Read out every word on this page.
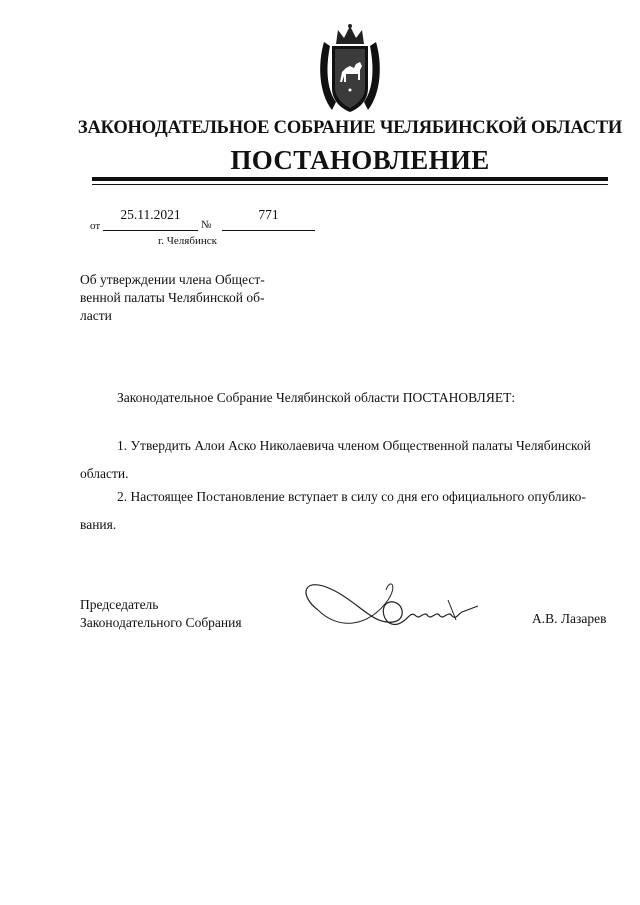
ЗАКОНОДАТЕЛЬНОЕ СОБРАНИЕ ЧЕЛЯБИНСКОЙ ОБЛАСТИ
ПОСТАНОВЛЕНИЕ
от
25.11.2021
№
771
г. Челябинск
Об утверждении члена Общест-
венной палаты Челябинской об-
ласти
Законодательное Собрание Челябинской области ПОСТАНОВЛЯЕТ:
1. Утвердить Алои Аско Николаевича членом Общественной палаты Челябинской
области.
2. Настоящее Постановление вступает в силу со дня его официального опублико-
вания.
Председатель
Законодательного Собрания	А.В. Лазарев
